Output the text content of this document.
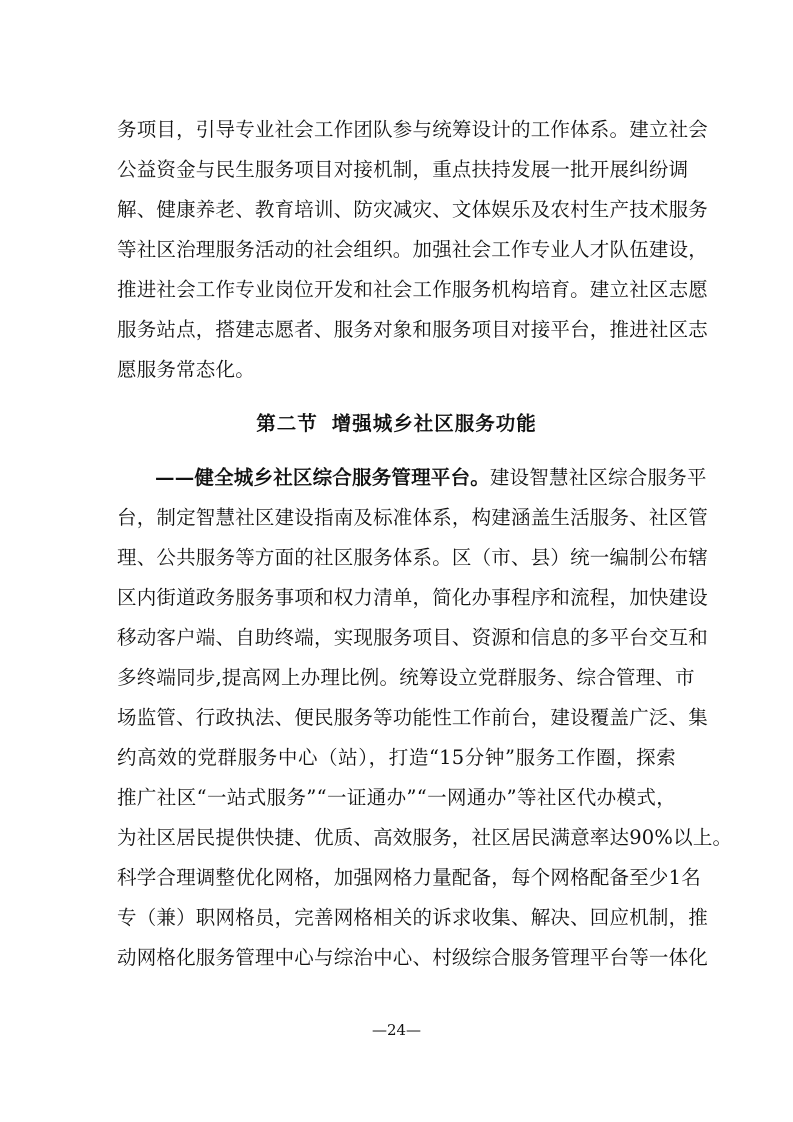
务项目，引导专业社会工作团队参与统筹设计的工作体系。建立社会
公益资金与民生服务项目对接机制，重点扶持发展一批开展纠纷调
解、健康养老、教育培训、防灾减灾、文体娱乐及农村生产技术服务
等社区治理服务活动的社会组织。加强社会工作专业人才队伍建设，
推进社会工作专业岗位开发和社会工作服务机构培育。建立社区志愿
服务站点，搭建志愿者、服务对象和服务项目对接平台，推进社区志
愿服务常态化。
第二节 增强城乡社区服务功能
——健全城乡社区综合服务管理平台。建设智慧社区综合服务平
台，制定智慧社区建设指南及标准体系，构建涵盖生活服务、社区管
理、公共服务等方面的社区服务体系。区（市、县）统一编制公布辖
区内街道政务服务事项和权力清单，简化办事程序和流程，加快建设
移动客户端、自助终端，实现服务项目、资源和信息的多平台交互和
多终端同步,提高网上办理比例。统筹设立党群服务、综合管理、市
场监管、行政执法、便民服务等功能性工作前台，建设覆盖广泛、集
约高效的党群服务中心（站），打造“15分钟”服务工作圈，探索
推广社区“一站式服务”“一证通办”“一网通办”等社区代办模式，
为社区居民提供快捷、优质、高效服务，社区居民满意率达90%以上。
科学合理调整优化网格，加强网格力量配备，每个网格配备至少1名
专（兼）职网格员，完善网格相关的诉求收集、解决、回应机制，推
动网格化服务管理中心与综治中心、村级综合服务管理平台等一体化
—24—
